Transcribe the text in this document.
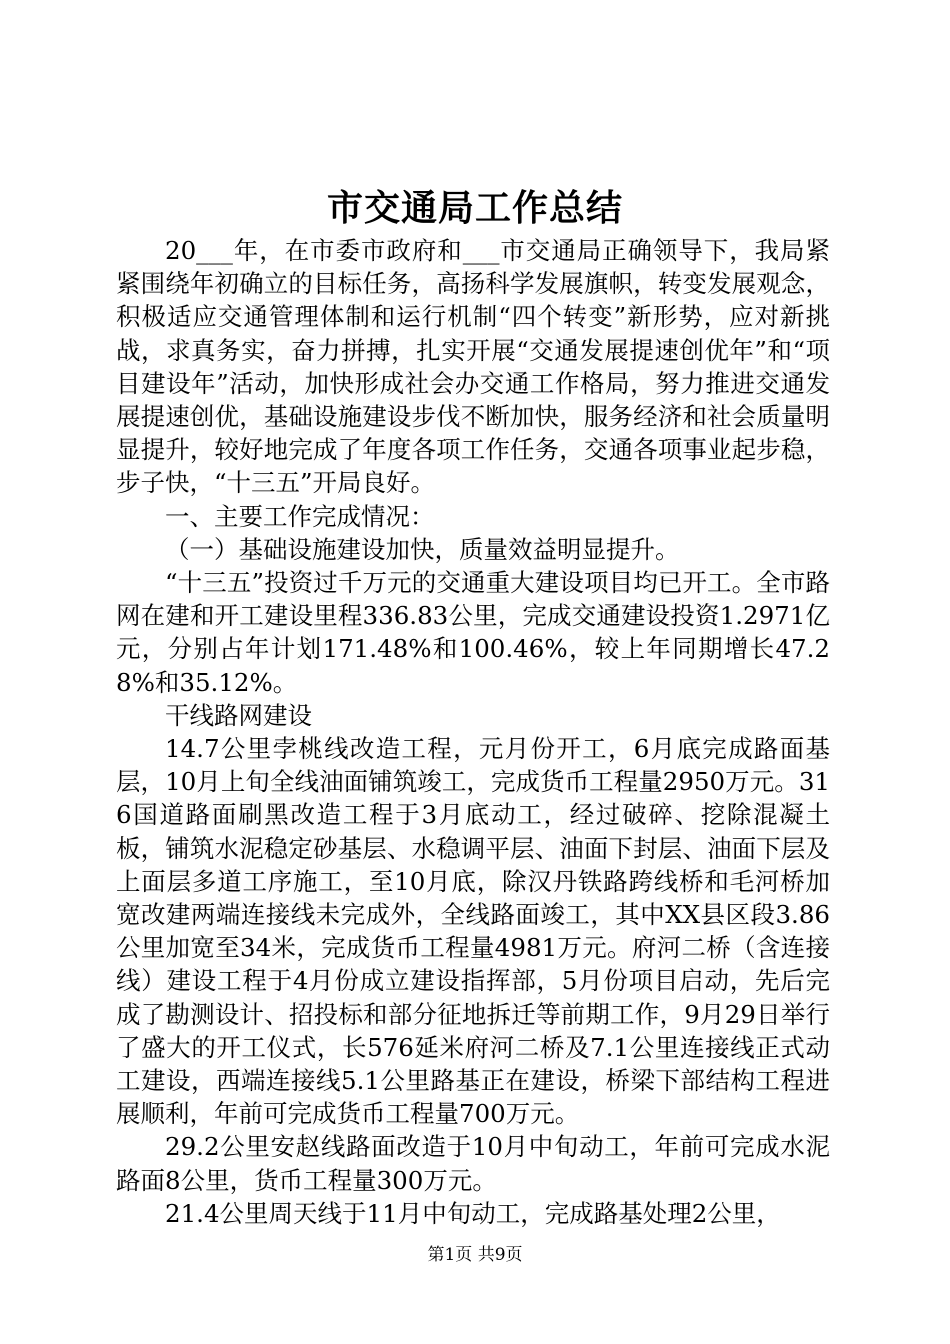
市交通局工作总结

20___年，在市委市政府和___市交通局正确领导下，我局紧紧围绕年初确立的目标任务，高扬科学发展旗帜，转变发展观念，积极适应交通管理体制和运行机制“四个转变”新形势，应对新挑战，求真务实，奋力拼搏，扎实开展“交通发展提速创优年”和“项目建设年”活动，加快形成社会办交通工作格局，努力推进交通发展提速创优，基础设施建设步伐不断加快，服务经济和社会质量明显提升，较好地完成了年度各项工作任务，交通各项事业起步稳，步子快，“十三五”开局良好。

一、主要工作完成情况：

（一）基础设施建设加快，质量效益明显提升。

“十三五”投资过千万元的交通重大建设项目均已开工。全市路网在建和开工建设里程336.83公里，完成交通建设投资1.2971亿元，分别占年计划171.48%和100.46%，较上年同期增长47.28%和35.12%。

干线路网建设

14.7公里孛桃线改造工程，元月份开工，6月底完成路面基层，10月上旬全线油面铺筑竣工，完成货币工程量2950万元。316国道路面刷黑改造工程于3月底动工，经过破碎、挖除混凝土板，铺筑水泥稳定砂基层、水稳调平层、油面下封层、油面下层及上面层多道工序施工，至10月底，除汉丹铁路跨线桥和毛河桥加宽改建两端连接线未完成外，全线路面竣工，其中XX县区段3.86公里加宽至34米，完成货币工程量4981万元。府河二桥（含连接线）建设工程于4月份成立建设指挥部，5月份项目启动，先后完成了勘测设计、招投标和部分征地拆迁等前期工作，9月29日举行了盛大的开工仪式，长576延米府河二桥及7.1公里连接线正式动工建设，西端连接线5.1公里路基正在建设，桥梁下部结构工程进展顺利，年前可完成货币工程量700万元。

29.2公里安赵线路面改造于10月中旬动工，年前可完成水泥路面8公里，货币工程量300万元。

21.4公里周天线于11月中旬动工，完成路基处理2公里，

第1页 共9页
